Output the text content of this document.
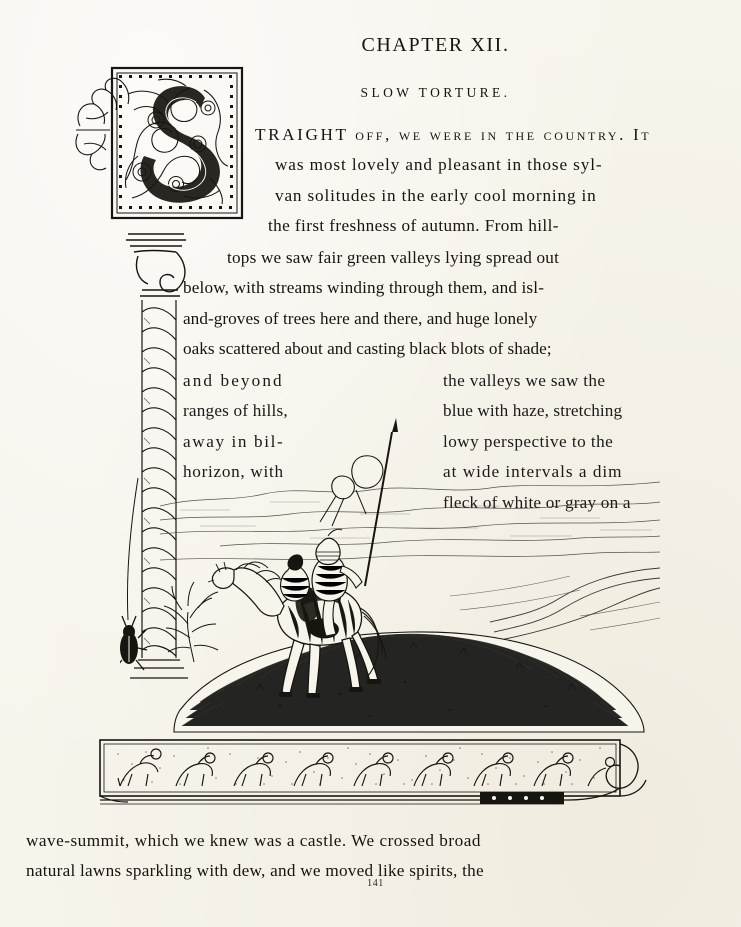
CHAPTER XII.
SLOW TORTURE.
TRAIGHT off, we were in the country. It
was most lovely and pleasant in those syl-
van solitudes in the early cool morning in
the first freshness of autumn. From hill-
tops we saw fair green valleys lying spread out
below, with streams winding through them, and isl-
and-groves of trees here and there, and huge lonely
oaks scattered about and casting black blots of shade;
and beyond
ranges of hills,
away in bil-
horizon, with
the valleys we saw the
blue with haze, stretching
lowy perspective to the
at wide intervals a dim
fleck of white or gray on a
wave-summit, which we knew was a castle. We crossed broad
natural lawns sparkling with dew, and we moved like spirits, the
141
